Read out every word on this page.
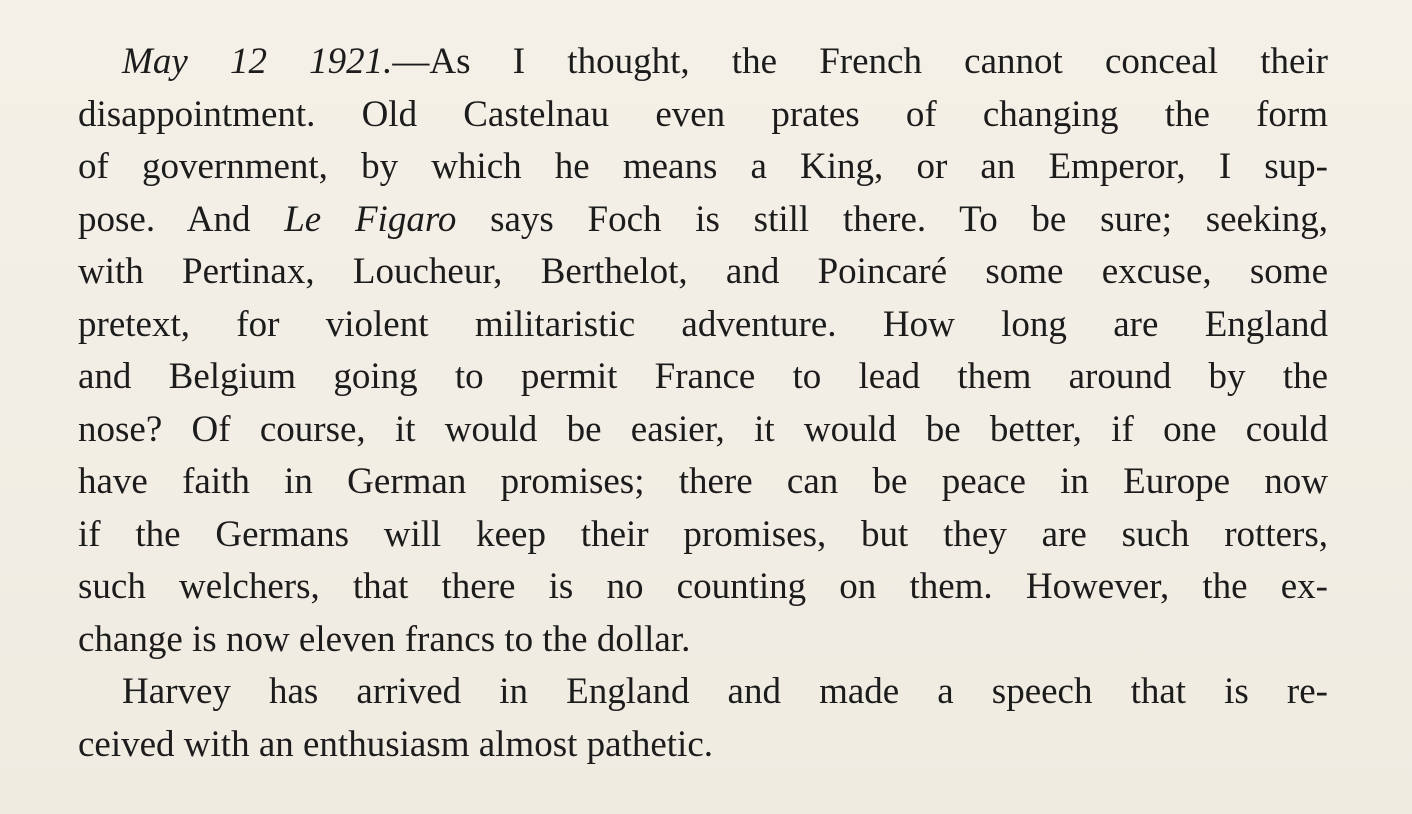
May 12 1921.—As I thought, the French cannot conceal their
disappointment. Old Castelnau even prates of changing the form
of government, by which he means a King, or an Emperor, I sup-
pose. And Le Figaro says Foch is still there. To be sure; seeking,
with Pertinax, Loucheur, Berthelot, and Poincaré some excuse, some
pretext, for violent militaristic adventure. How long are England
and Belgium going to permit France to lead them around by the
nose? Of course, it would be easier, it would be better, if one could
have faith in German promises; there can be peace in Europe now
if the Germans will keep their promises, but they are such rotters,
such welchers, that there is no counting on them. However, the ex-
change is now eleven francs to the dollar.
Harvey has arrived in England and made a speech that is re-
ceived with an enthusiasm almost pathetic.
